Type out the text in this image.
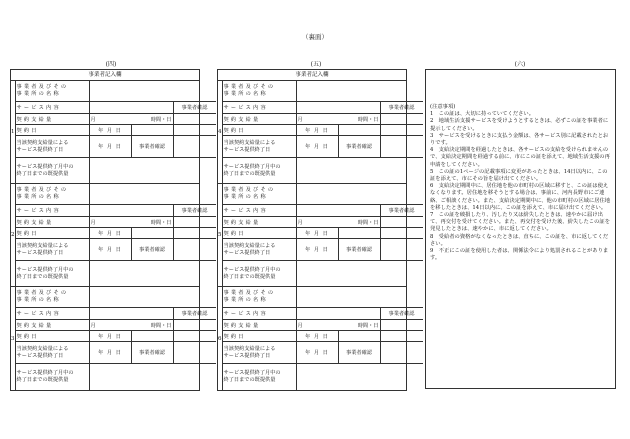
（裏面）
(四)	(五)	(六)
事業者記入欄
1
事業者及びその
事業所の名称
サービス内容	事業者確認
契約支給量	月	時間・日
契約日	年 月 日
当該契約支給量による
サービス提供終了日	年 月 日	事業者確認
サービス提供終了月中の
終了日までの既提供量
2
事業者及びその
事業所の名称
サービス内容	事業者確認
契約支給量	月	時間・日
契約日	年 月 日
当該契約支給量による
サービス提供終了日	年 月 日	事業者確認
サービス提供終了月中の
終了日までの既提供量
3
事業者及びその
事業所の名称
サービス内容	事業者確認
契約支給量	月	時間・日
契約日	年 月 日
当該契約支給量による
サービス提供終了日	年 月 日	事業者確認
サービス提供終了月中の
終了日までの既提供量
事業者記入欄
4
事業者及びその
事業所の名称
サービス内容	事業者確認
契約支給量	月	時間・日
契約日	年 月 日
当該契約支給量による
サービス提供終了日	年 月 日	事業者確認
サービス提供終了月中の
終了日までの既提供量
5
事業者及びその
事業所の名称
サービス内容	事業者確認
契約支給量	月	時間・日
契約日	年 月 日
当該契約支給量による
サービス提供終了日	年 月 日	事業者確認
サービス提供終了月中の
終了日までの既提供量
6
事業者及びその
事業所の名称
サービス内容	事業者確認
契約支給量	月	時間・日
契約日	年 月 日
当該契約支給量による
サービス提供終了日	年 月 日	事業者確認
サービス提供終了月中の
終了日までの既提供量

(注意事項)

1　この証は、大切に持っていてください。

2　地域生活支援サービスを受けようとするときは、必ずこの証を事業者に提示してください。

3　サービスを受けるときに支払う金額は、各サービス別に記載されたとおりです。

4　支給決定期間を経過したときは、各サービスの支給を受けられませんので、支給決定期間を経過する前に、市にこの証を添えて、地域生活支援の再申請をしてください。

5　この証の1ページの記載事項に変更があったときは、14日以内に、この証を添えて、市にその旨を届け出てください。

6　支給決定期間中に、居住地を他の市町村の区域に移すと、この証は使えなくなります。居住地を移そうとする場合は、事前に、河内長野市にご連絡、ご相談ください。また、支給決定期間中に、他の市町村の区域に居住地を移したときは、14日以内に、この証を添えて、市に届け出てください。

7　この証を破損したり、汚したり又は紛失したときは、速やかに届け出て、再交付を受けてください。また、再交付を受けた後、紛失したこの証を発見したときは、速やかに、市に返してください。

8　受給者の資格がなくなったときは、直ちに、この証を、市に返してください。

9　不正にこの証を使用した者は、関係法令により処罰されることがあります。
